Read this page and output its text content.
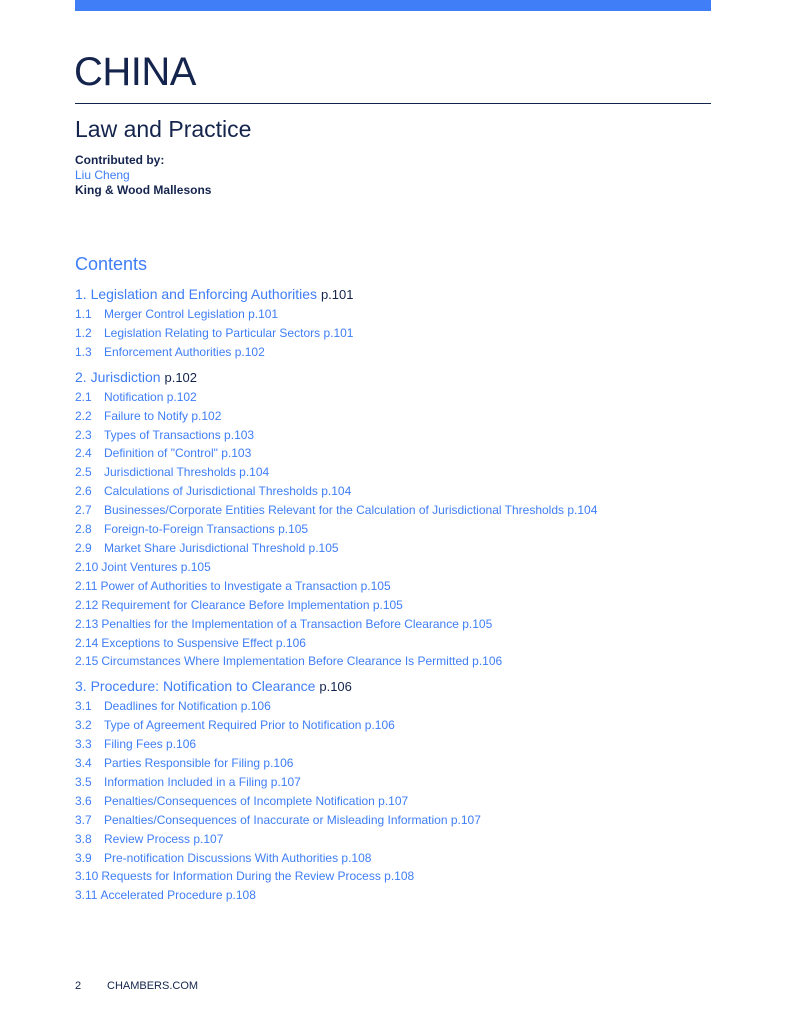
CHINA
Law and Practice
Contributed by:
Liu Cheng
King & Wood Mallesons
Contents
1. Legislation and Enforcing Authorities p.101
1.1	Merger Control Legislation p.101
1.2	Legislation Relating to Particular Sectors p.101
1.3	Enforcement Authorities p.102
2. Jurisdiction p.102
2.1	Notification p.102
2.2	Failure to Notify p.102
2.3	Types of Transactions p.103
2.4	Definition of "Control" p.103
2.5	Jurisdictional Thresholds p.104
2.6	Calculations of Jurisdictional Thresholds p.104
2.7	Businesses/Corporate Entities Relevant for the Calculation of Jurisdictional Thresholds p.104
2.8	Foreign-to-Foreign Transactions p.105
2.9	Market Share Jurisdictional Threshold p.105
2.10 Joint Ventures p.105
2.11 Power of Authorities to Investigate a Transaction p.105
2.12 Requirement for Clearance Before Implementation p.105
2.13 Penalties for the Implementation of a Transaction Before Clearance p.105
2.14 Exceptions to Suspensive Effect p.106
2.15 Circumstances Where Implementation Before Clearance Is Permitted p.106
3. Procedure: Notification to Clearance p.106
3.1	Deadlines for Notification p.106
3.2	Type of Agreement Required Prior to Notification p.106
3.3	Filing Fees p.106
3.4	Parties Responsible for Filing p.106
3.5	Information Included in a Filing p.107
3.6	Penalties/Consequences of Incomplete Notification p.107
3.7	Penalties/Consequences of Inaccurate or Misleading Information p.107
3.8	Review Process p.107
3.9	Pre-notification Discussions With Authorities p.108
3.10 Requests for Information During the Review Process p.108
3.11 Accelerated Procedure p.108
2 CHAMBERS.COM
